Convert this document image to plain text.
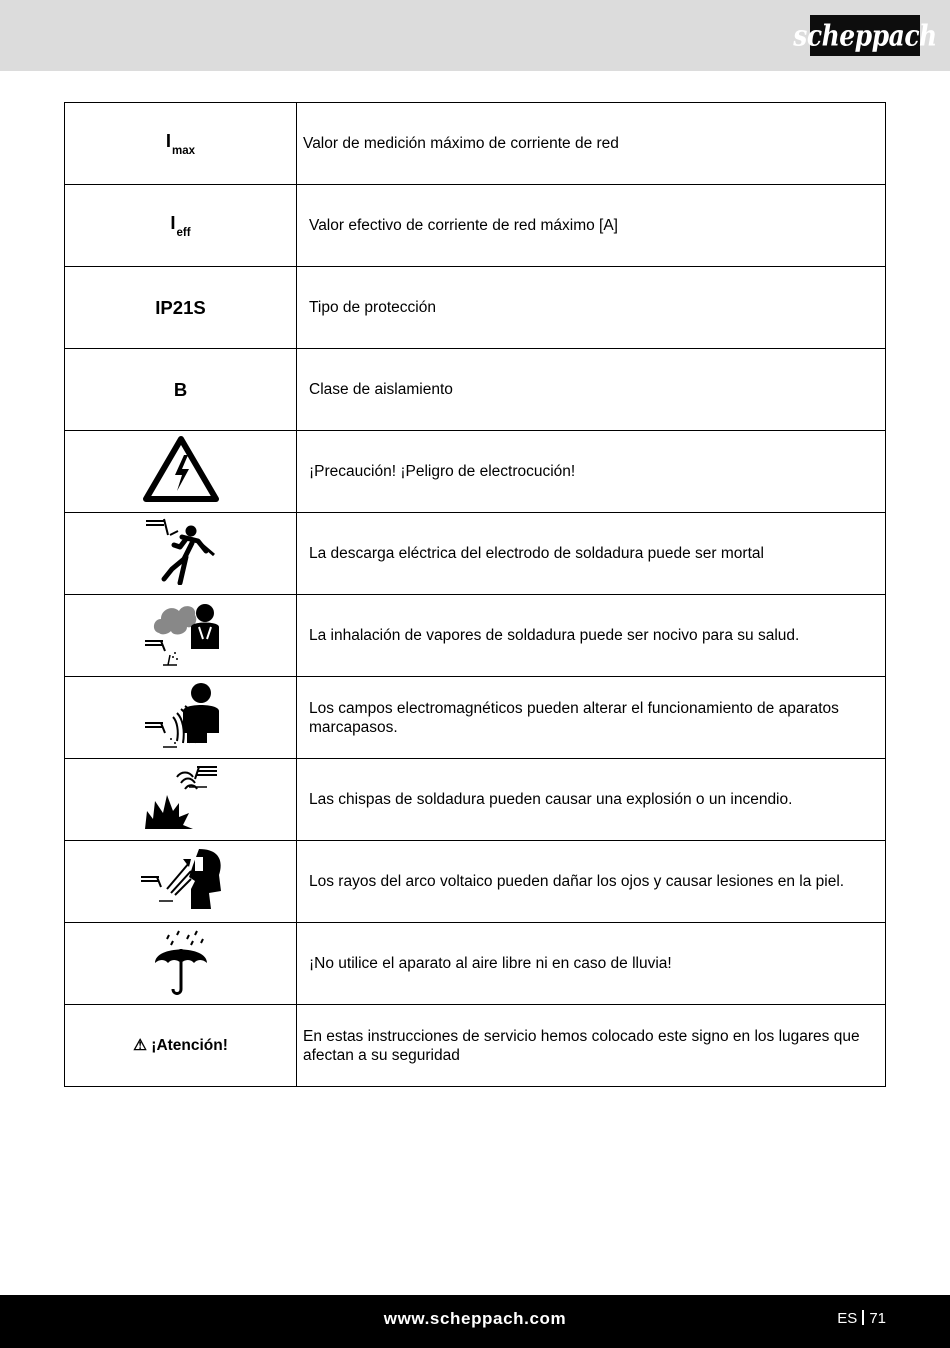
scheppach
$I_{max}$	Valor de medición máximo de corriente de red
$I_{eff}$	Valor efectivo de corriente de red máximo [A]
IP21S	Tipo de protección
B	Clase de aislamiento

	¡Precaución! ¡Peligro de electrocución!

	La descarga eléctrica del electrodo de soldadura puede ser mortal

	La inhalación de vapores de soldadura puede ser nocivo para su salud.

	Los campos electromagnéticos pueden alterar el funcionamiento de aparatos marcapasos.

	Las chispas de soldadura pueden causar una explosión o un incendio.

	Los rayos del arco voltaico pueden dañar los ojos y causar lesiones en la piel.

	¡No utilice el aparato al aire libre ni en caso de lluvia!
⚠ ¡Atención!	En estas instrucciones de servicio hemos colocado este signo en los lugares que afectan a su seguridad
www.scheppach.com	ES 71
